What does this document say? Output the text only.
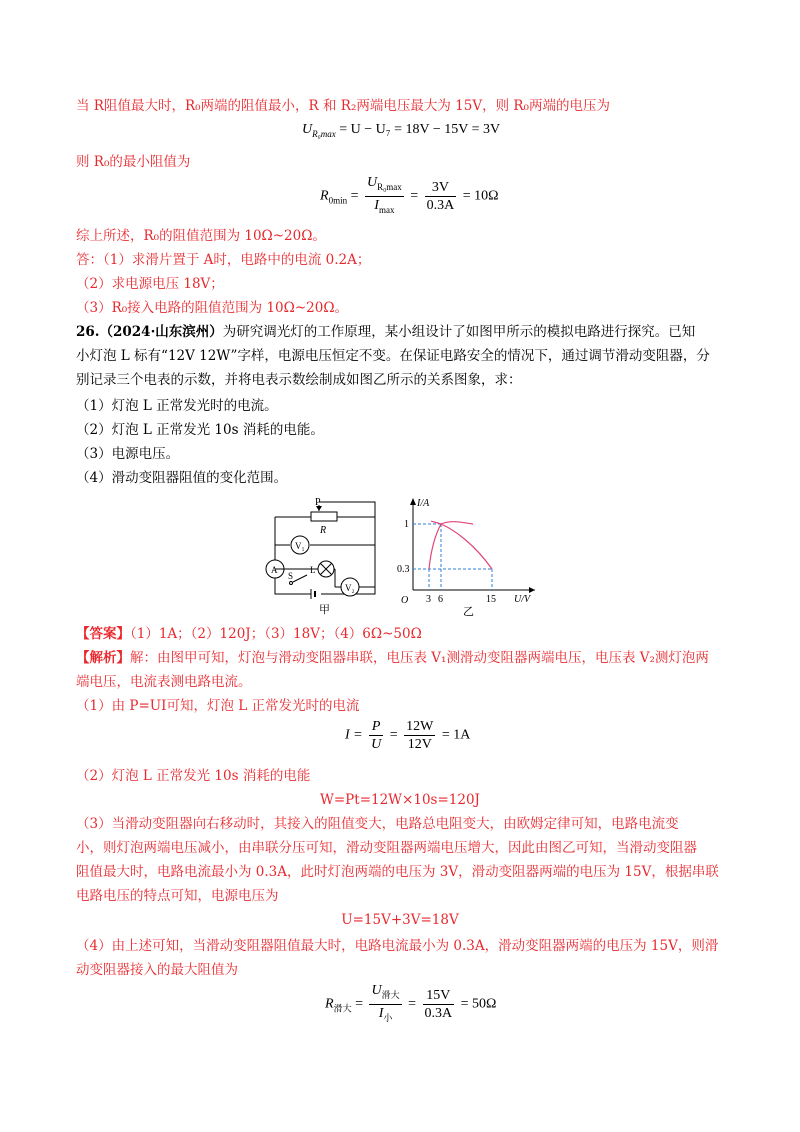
当 R阻值最大时，R₀两端的阻值最小，R 和 R₂两端电压最大为 15V，则 R₀两端的电压为
$U_{R_0max} = U - U_7 = 18V - 15V = 3V$
则 R₀的最小阻值为
$R_{0min} = \frac{U_{R_0max}}{I_{max}} = \frac{3V}{0.3A} = 10\Omega$
综上所述，R₀的阻值范围为 10Ω~20Ω。
答：（1）求滑片置于 A时，电路中的电流 0.2A；
（2）求电源电压 18V；
（3）R₀接入电路的阻值范围为 10Ω~20Ω。
26.（2024·山东滨州）为研究调光灯的工作原理，某小组设计了如图甲所示的模拟电路进行探究。已知
小灯泡 L 标有“12V 12W”字样，电源电压恒定不变。在保证电路安全的情况下，通过调节滑动变阻器，分
别记录三个电表的示数，并将电表示数绘制成如图乙所示的关系图象，求：
（1）灯泡 L 正常发光时的电流。
（2）灯泡 L 正常发光 10s 消耗的电能。
（3）电源电压。
（4）滑动变阻器阻值的变化范围。
P
R
V₁
A	L
S
V₂
甲
I/A
U/V
O
1
0.3
3 6	15
乙
【答案】（1）1A；（2）120J；（3）18V；（4）6Ω~50Ω
【解析】解：由图甲可知，灯泡与滑动变阻器串联，电压表 V₁测滑动变阻器两端电压，电压表 V₂测灯泡两
端电压，电流表测电路电流。
（1）由 P=UI可知，灯泡 L 正常发光时的电流
$I = \frac{P}{U} = \frac{12W}{12V} = 1A$
（2）灯泡 L 正常发光 10s 消耗的电能
W=Pt=12W×10s=120J
（3）当滑动变阻器向右移动时，其接入的阻值变大，电路总电阻变大，由欧姆定律可知，电路电流变
小，则灯泡两端电压减小，由串联分压可知，滑动变阻器两端电压增大，因此由图乙可知，当滑动变阻器
阻值最大时，电路电流最小为 0.3A，此时灯泡两端的电压为 3V，滑动变阻器两端的电压为 15V，根据串联
电路电压的特点可知，电源电压为
U=15V+3V=18V
（4）由上述可知，当滑动变阻器阻值最大时，电路电流最小为 0.3A，滑动变阻器两端的电压为 15V，则滑
动变阻器接入的最大阻值为
$R_{滑大} = \frac{U_{滑大}}{I_小} = \frac{15V}{0.3A} = 50\Omega$
